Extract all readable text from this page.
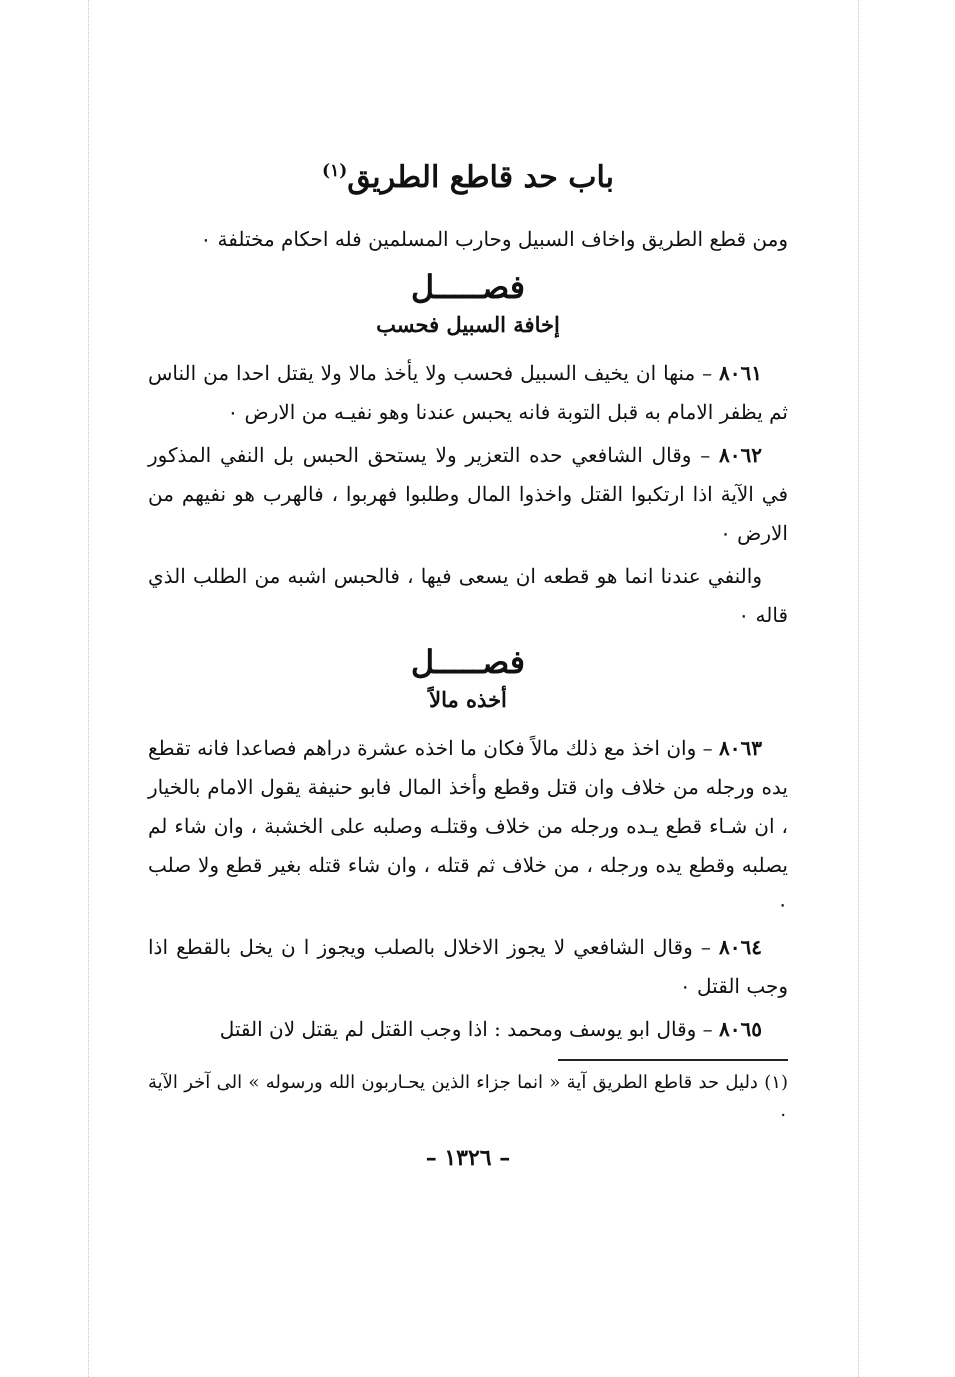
باب حد قاطع الطريق$^{(١)}$

ومن قطع الطريق واخاف السبيل وحارب المسلمين فله احكام مختلفة ٠

فصـــــل
إخافة السبيل فحسب

٨٠٦١ – منها ان يخيف السبيل فحسب ولا يأخذ مالا ولا يقتل احدا من الناس ثم يظفر الامام به قبل التوبة فانه يحبس عندنا وهو نفيـه من الارض ٠

٨٠٦٢ – وقال الشافعي حده التعزير ولا يستحق الحبس بل النفي المذكور في الآية اذا ارتكبوا القتل واخذوا المال وطلبوا فهربوا ، فالهرب هو نفيهم من الارض ٠

والنفي عندنا انما هو قطعه ان يسعى فيها ، فالحبس اشبه من الطلب الذي قاله ٠

فصـــــل
أخذه مالاً

٨٠٦٣ – وان اخذ مع ذلك مالاً فكان ما اخذه عشرة دراهم فصاعدا فانه تقطع يده ورجله من خلاف وان قتل وقطع وأخذ المال فابو حنيفة يقول الامام بالخيار ، ان شـاء قطع يـده ورجله من خلاف وقتلـه وصلبه على الخشبة ، وان شاء لم يصلبه وقطع يده ورجله ، من خلاف ثم قتله ، وان شاء قتله بغير قطع ولا صلب ٠

٨٠٦٤ – وقال الشافعي لا يجوز الاخلال بالصلب ويجوز ا ن يخل بالقطع اذا وجب القتل ٠

٨٠٦٥ – وقال ابو يوسف ومحمد : اذا وجب القتل لم يقتل لان القتل

(١) دليل حد قاطع الطريق آية « انما جزاء الذين يحـاربون الله ورسوله » الى آخر الآية ٠

– ١٣٢٦ –
